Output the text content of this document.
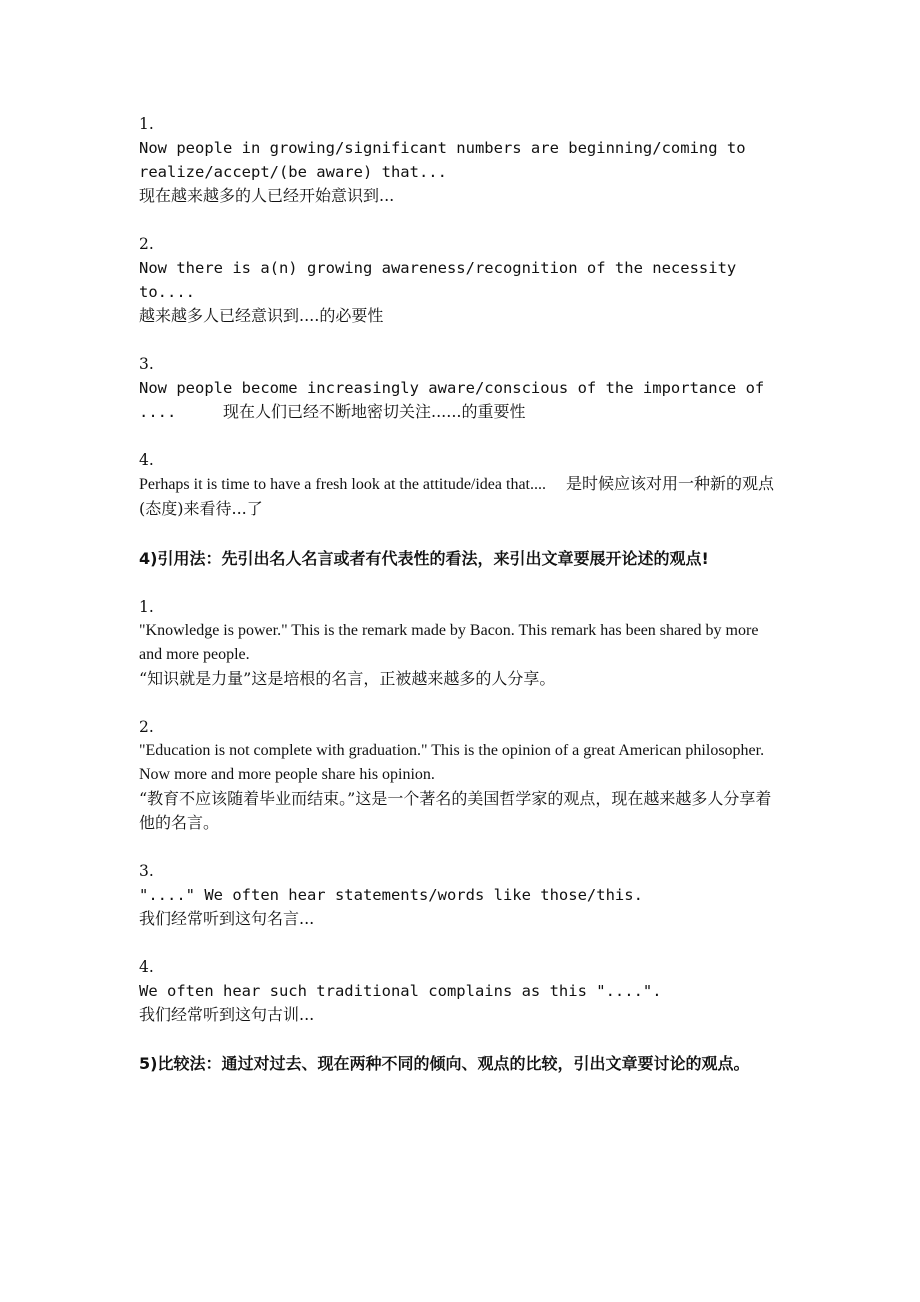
1.
Now people in growing/significant numbers are beginning/coming to realize/accept/(be aware) that...
现在越来越多的人已经开始意识到...
2.
Now there is a(n) growing awareness/recognition of the necessity to....
越来越多人已经意识到....的必要性
3.
Now people become increasingly aware/conscious of the importance of ....	现在人们已经不断地密切关注......的重要性
4.
Perhaps it is time to have a fresh look at the attitude/idea that.... 是时候应该对用一种新的观点(态度)来看待...了
4)引用法：先引出名人名言或者有代表性的看法，来引出文章要展开论述的观点!
1.
"Knowledge is power." This is the remark made by Bacon. This remark has been shared by more and more people.
“知识就是力量”这是培根的名言，正被越来越多的人分享。
2.
"Education is not complete with graduation." This is the opinion of a great American philosopher. Now more and more people share his opinion.
“教育不应该随着毕业而结束。”这是一个著名的美国哲学家的观点，现在越来越多人分享着他的名言。
3.
"...." We often hear statements/words like those/this.
我们经常听到这句名言...
4.
We often hear such traditional complains as this "....".
我们经常听到这句古训...
5)比较法：通过对过去、现在两种不同的倾向、观点的比较，引出文章要讨论的观点。
